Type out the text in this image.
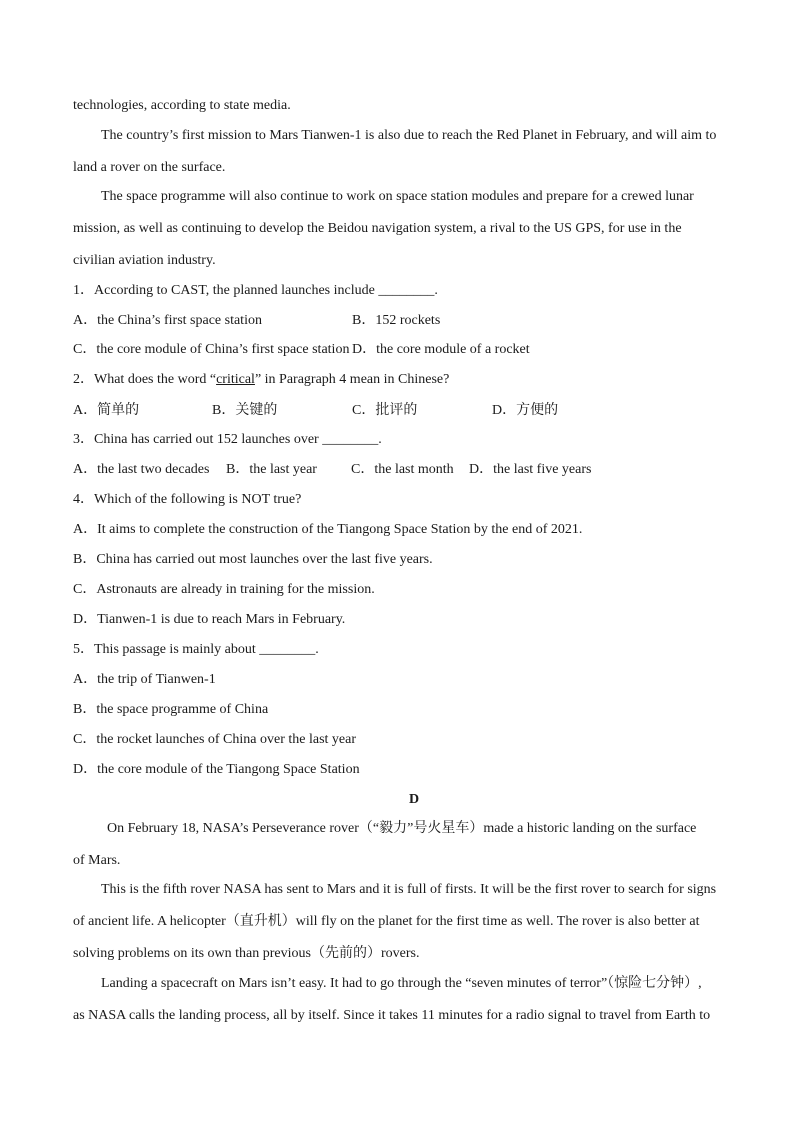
technologies, according to state media.
The country’s first mission to Mars Tianwen-1 is also due to reach the Red Planet in February, and will aim to
land a rover on the surface.
The space programme will also continue to work on space station modules and prepare for a crewed lunar
mission, as well as continuing to develop the Beidou navigation system, a rival to the US GPS, for use in the
civilian aviation industry.
1．According to CAST, the planned launches include ________.
A．the China’s first space station	B．152 rockets
C．the core module of China’s first space station D．the core module of a rocket
2．What does the word “critical” in Paragraph 4 mean in Chinese?
A．简单的	B．关键的	C．批评的	D．方便的
3．China has carried out 152 launches over ________.
A．the last two decades B．the last year C．the last month D．the last five years
4．Which of the following is NOT true?
A．It aims to complete the construction of the Tiangong Space Station by the end of 2021.
B．China has carried out most launches over the last five years.
C．Astronauts are already in training for the mission.
D．Tianwen-1 is due to reach Mars in February.
5．This passage is mainly about ________.
A．the trip of Tianwen-1
B．the space programme of China
C．the rocket launches of China over the last year
D．the core module of the Tiangong Space Station
D
On February 18, NASA’s Perseverance rover（“毅力”号火星车）made a historic landing on the surface
of Mars.
This is the fifth rover NASA has sent to Mars and it is full of firsts. It will be the first rover to search for signs
of ancient life. A helicopter（直升机）will fly on the planet for the first time as well. The rover is also better at
solving problems on its own than previous（先前的）rovers.
Landing a spacecraft on Mars isn’t easy. It had to go through the “seven minutes of terror”（惊险七分钟）,
as NASA calls the landing process, all by itself. Since it takes 11 minutes for a radio signal to travel from Earth to
